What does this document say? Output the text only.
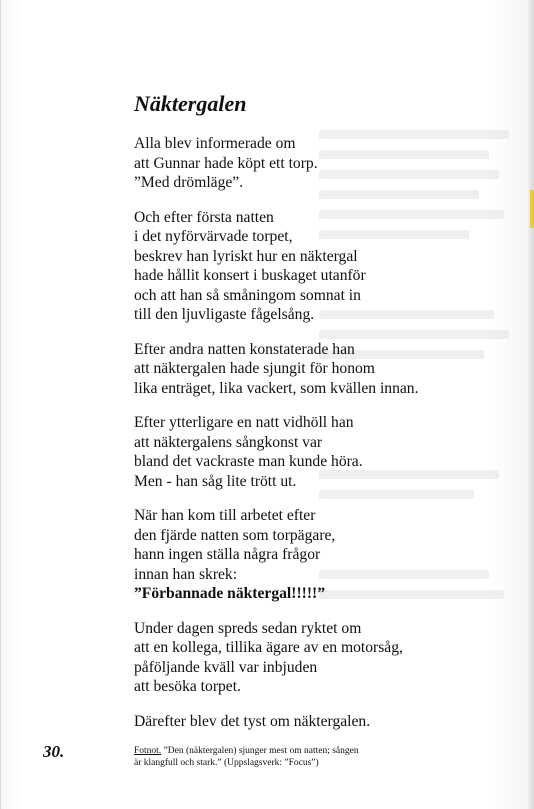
Näktergalen
Alla blev informerade om
att Gunnar hade köpt ett torp.
”Med drömläge”.
Och efter första natten
i det nyförvärvade torpet,
beskrev han lyriskt hur en näktergal
hade hållit konsert i buskaget utanför
och att han så småningom somnat in
till den ljuvligaste fågelsång.
Efter andra natten konstaterade han
att näktergalen hade sjungit för honom
lika enträget, lika vackert, som kvällen innan.
Efter ytterligare en natt vidhöll han
att näktergalens sångkonst var
bland det vackraste man kunde höra.
Men - han såg lite trött ut.
När han kom till arbetet efter
den fjärde natten som torpägare,
hann ingen ställa några frågor
innan han skrek:
”Förbannade näktergal!!!!!”
Under dagen spreds sedan ryktet om
att en kollega, tillika ägare av en motorsåg,
påföljande kväll var inbjuden
att besöka torpet.
Därefter blev det tyst om näktergalen.
Fotnot. ”Den (näktergalen) sjunger mest om natten; sången
är klangfull och stark.” (Uppslagsverk: ”Focus”)
30.
